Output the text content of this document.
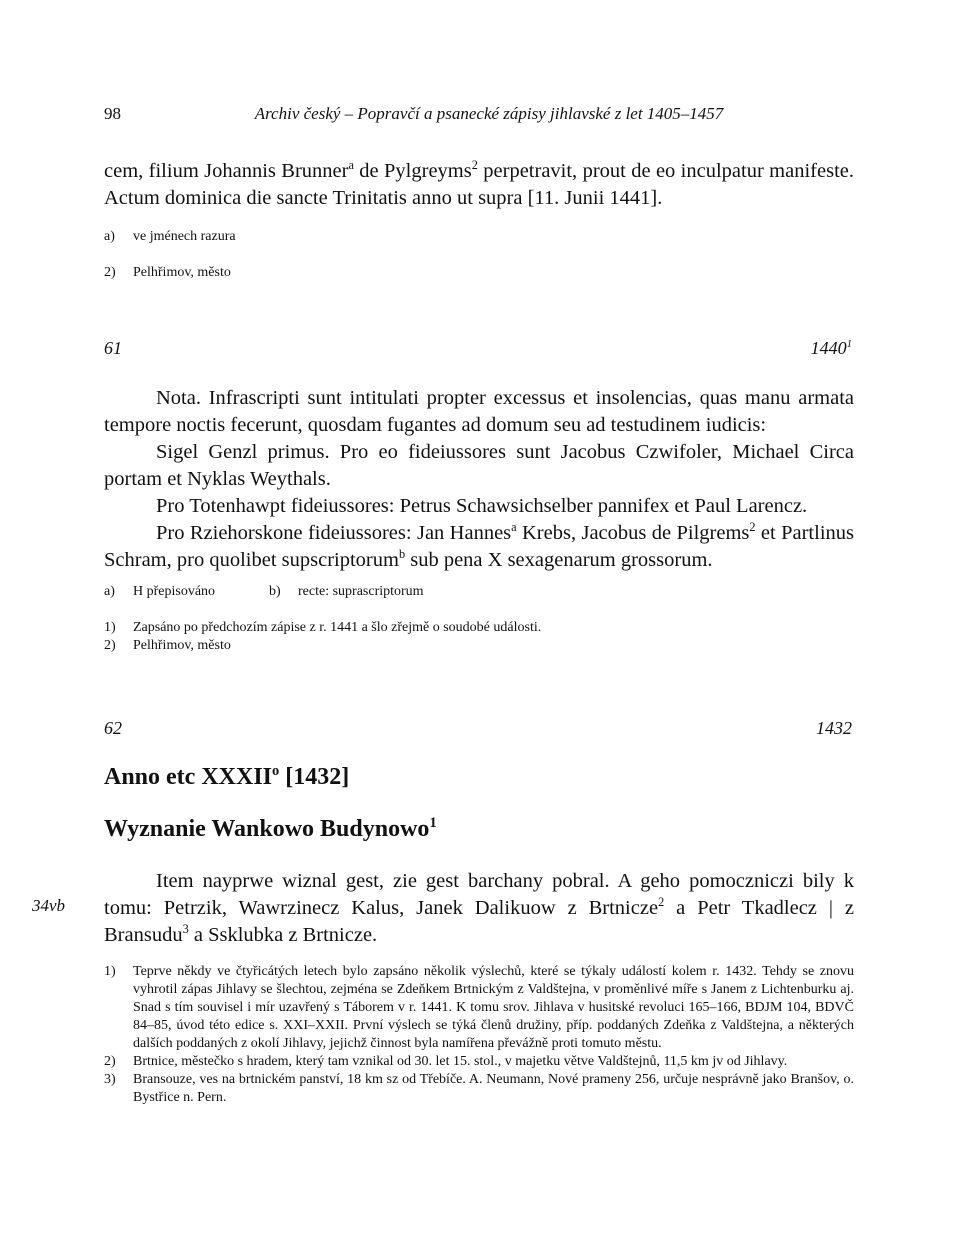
98	Archiv český – Popravčí a psanecké zápisy jihlavské z let 1405–1457

cem, filium Johannis Brunner$^a$ de Pylgreyms$^2$ perpetravit, prout de eo inculpatur manifeste. Actum dominica die sancte Trinitatis anno ut supra [11. Junii 1441].

a)	ve jménech razura
2)	Pelhřimov, město
61	1440$^1$

Nota. Infrascripti sunt intitulati propter excessus et insolencias, quas manu armata tempore noctis fecerunt, quosdam fugantes ad domum seu ad testudinem iudicis:

Sigel Genzl primus. Pro eo fideiussores sunt Jacobus Czwifoler, Michael Circa portam et Nyklas Weythals.

Pro Totenhawpt fideiussores: Petrus Schawsichselber pannifex et Paul Larencz.

Pro Rziehorskone fideiussores: Jan Hannes$^a$ Krebs, Jacobus de Pilgrems$^2$ et Partlinus Schram, pro quolibet supscriptorum$^b$ sub pena X sexagenarum grossorum.

a)	H přepisováno	b)	recte: suprascriptorum
1)	Zapsáno po předchozím zápise z r. 1441 a šlo zřejmě o soudobé události.
2)	Pelhřimov, město
62	1432
Anno etc XXXII$^o$ [1432]
Wyznanie Wankowo Budynowo$^1$
34vb

Item nayprwe wiznal gest, zie gest barchany pobral. A geho pomoczniczi bily k tomu: Petrzik, Wawrzinecz Kalus, Janek Dalikuow z Brtnicze$^2$ a Petr Tkadlecz | z Bransudu$^3$ a Ssklubka z Brtnicze.

1)	Teprve někdy ve čtyřicátých letech bylo zapsáno několik výslechů, které se týkaly událostí kolem r. 1432. Tehdy se znovu vyhrotil zápas Jihlavy se šlechtou, zejména se Zdeňkem Brtnickým z Valdštejna, v proměnlivé míře s Janem z Lichtenburku aj. Snad s tím souvisel i mír uzavřený s Táborem v r. 1441. K tomu srov. Jihlava v husitské revoluci 165–166, BDJM 104, BDVČ 84–85, úvod této edice s. XXI–XXII. První výslech se týká členů družiny, příp. poddaných Zdeňka z Valdštejna, a některých dalších poddaných z okolí Jihlavy, jejichž činnost byla namířena převážně proti tomuto městu.
2)	Brtnice, městečko s hradem, který tam vznikal od 30. let 15. stol., v majetku větve Valdštejnů, 11,5 km jv od Jihlavy.
3)	Bransouze, ves na brtnickém panství, 18 km sz od Třebíče. A. Neumann, Nové prameny 256, určuje nesprávně jako Branšov, o. Bystřice n. Pern.
